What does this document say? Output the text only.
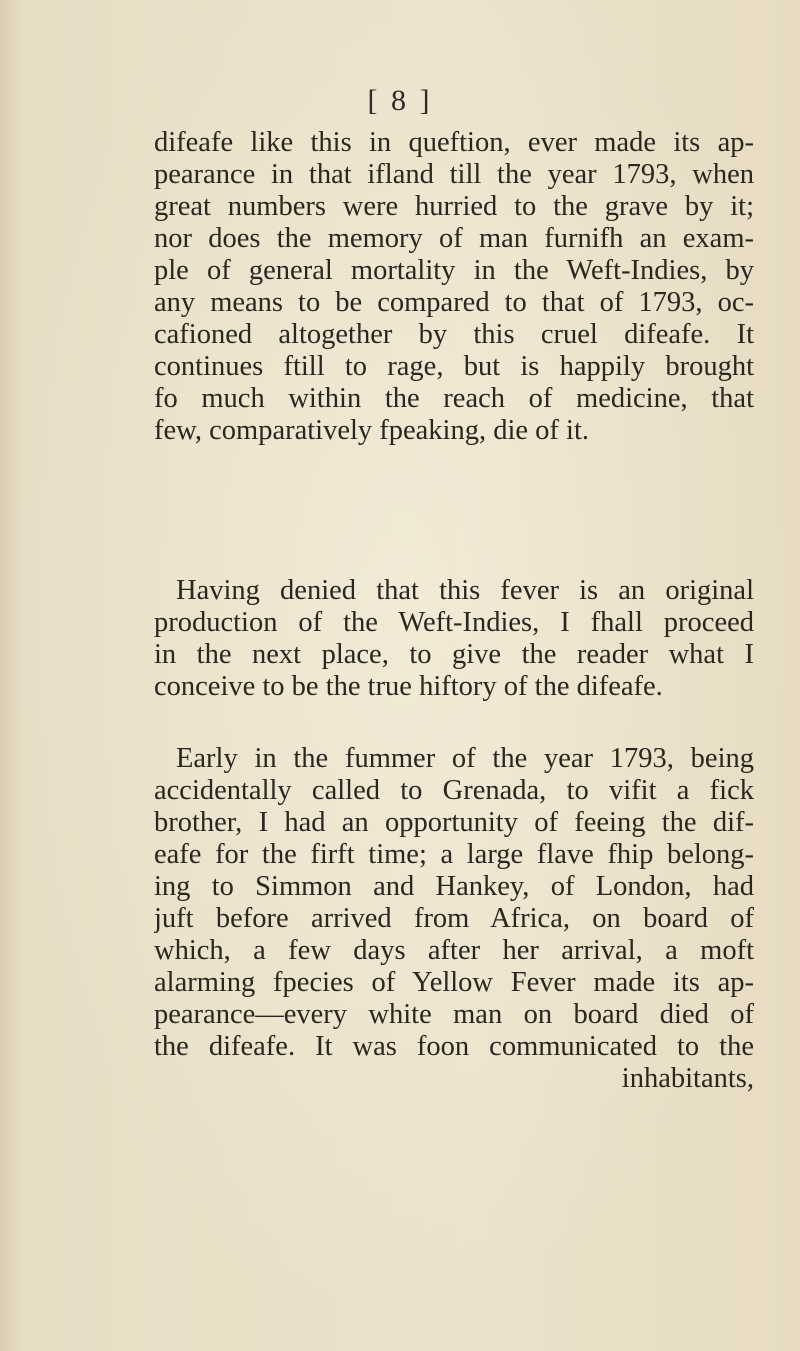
[ 8 ]
difeafe like this in queftion, ever made its ap-
pearance in that ifland till the year 1793, when
great numbers were hurried to the grave by it;
nor does the memory of man furnifh an exam-
ple of general mortality in the Weft-Indies, by
any means to be compared to that of 1793, oc-
cafioned altogether by this cruel difeafe. It
continues ftill to rage, but is happily brought
fo much within the reach of medicine, that
few, comparatively fpeaking, die of it.
Having denied that this fever is an original
production of the Weft-Indies, I fhall proceed
in the next place, to give the reader what I
conceive to be the true hiftory of the difeafe.
Early in the fummer of the year 1793, being
accidentally called to Grenada, to vifit a fick
brother, I had an opportunity of feeing the dif-
eafe for the firft time; a large flave fhip belong-
ing to Simmon and Hankey, of London, had
juft before arrived from Africa, on board of
which, a few days after her arrival, a moft
alarming fpecies of Yellow Fever made its ap-
pearance—every white man on board died of
the difeafe. It was foon communicated to the
inhabitants,
